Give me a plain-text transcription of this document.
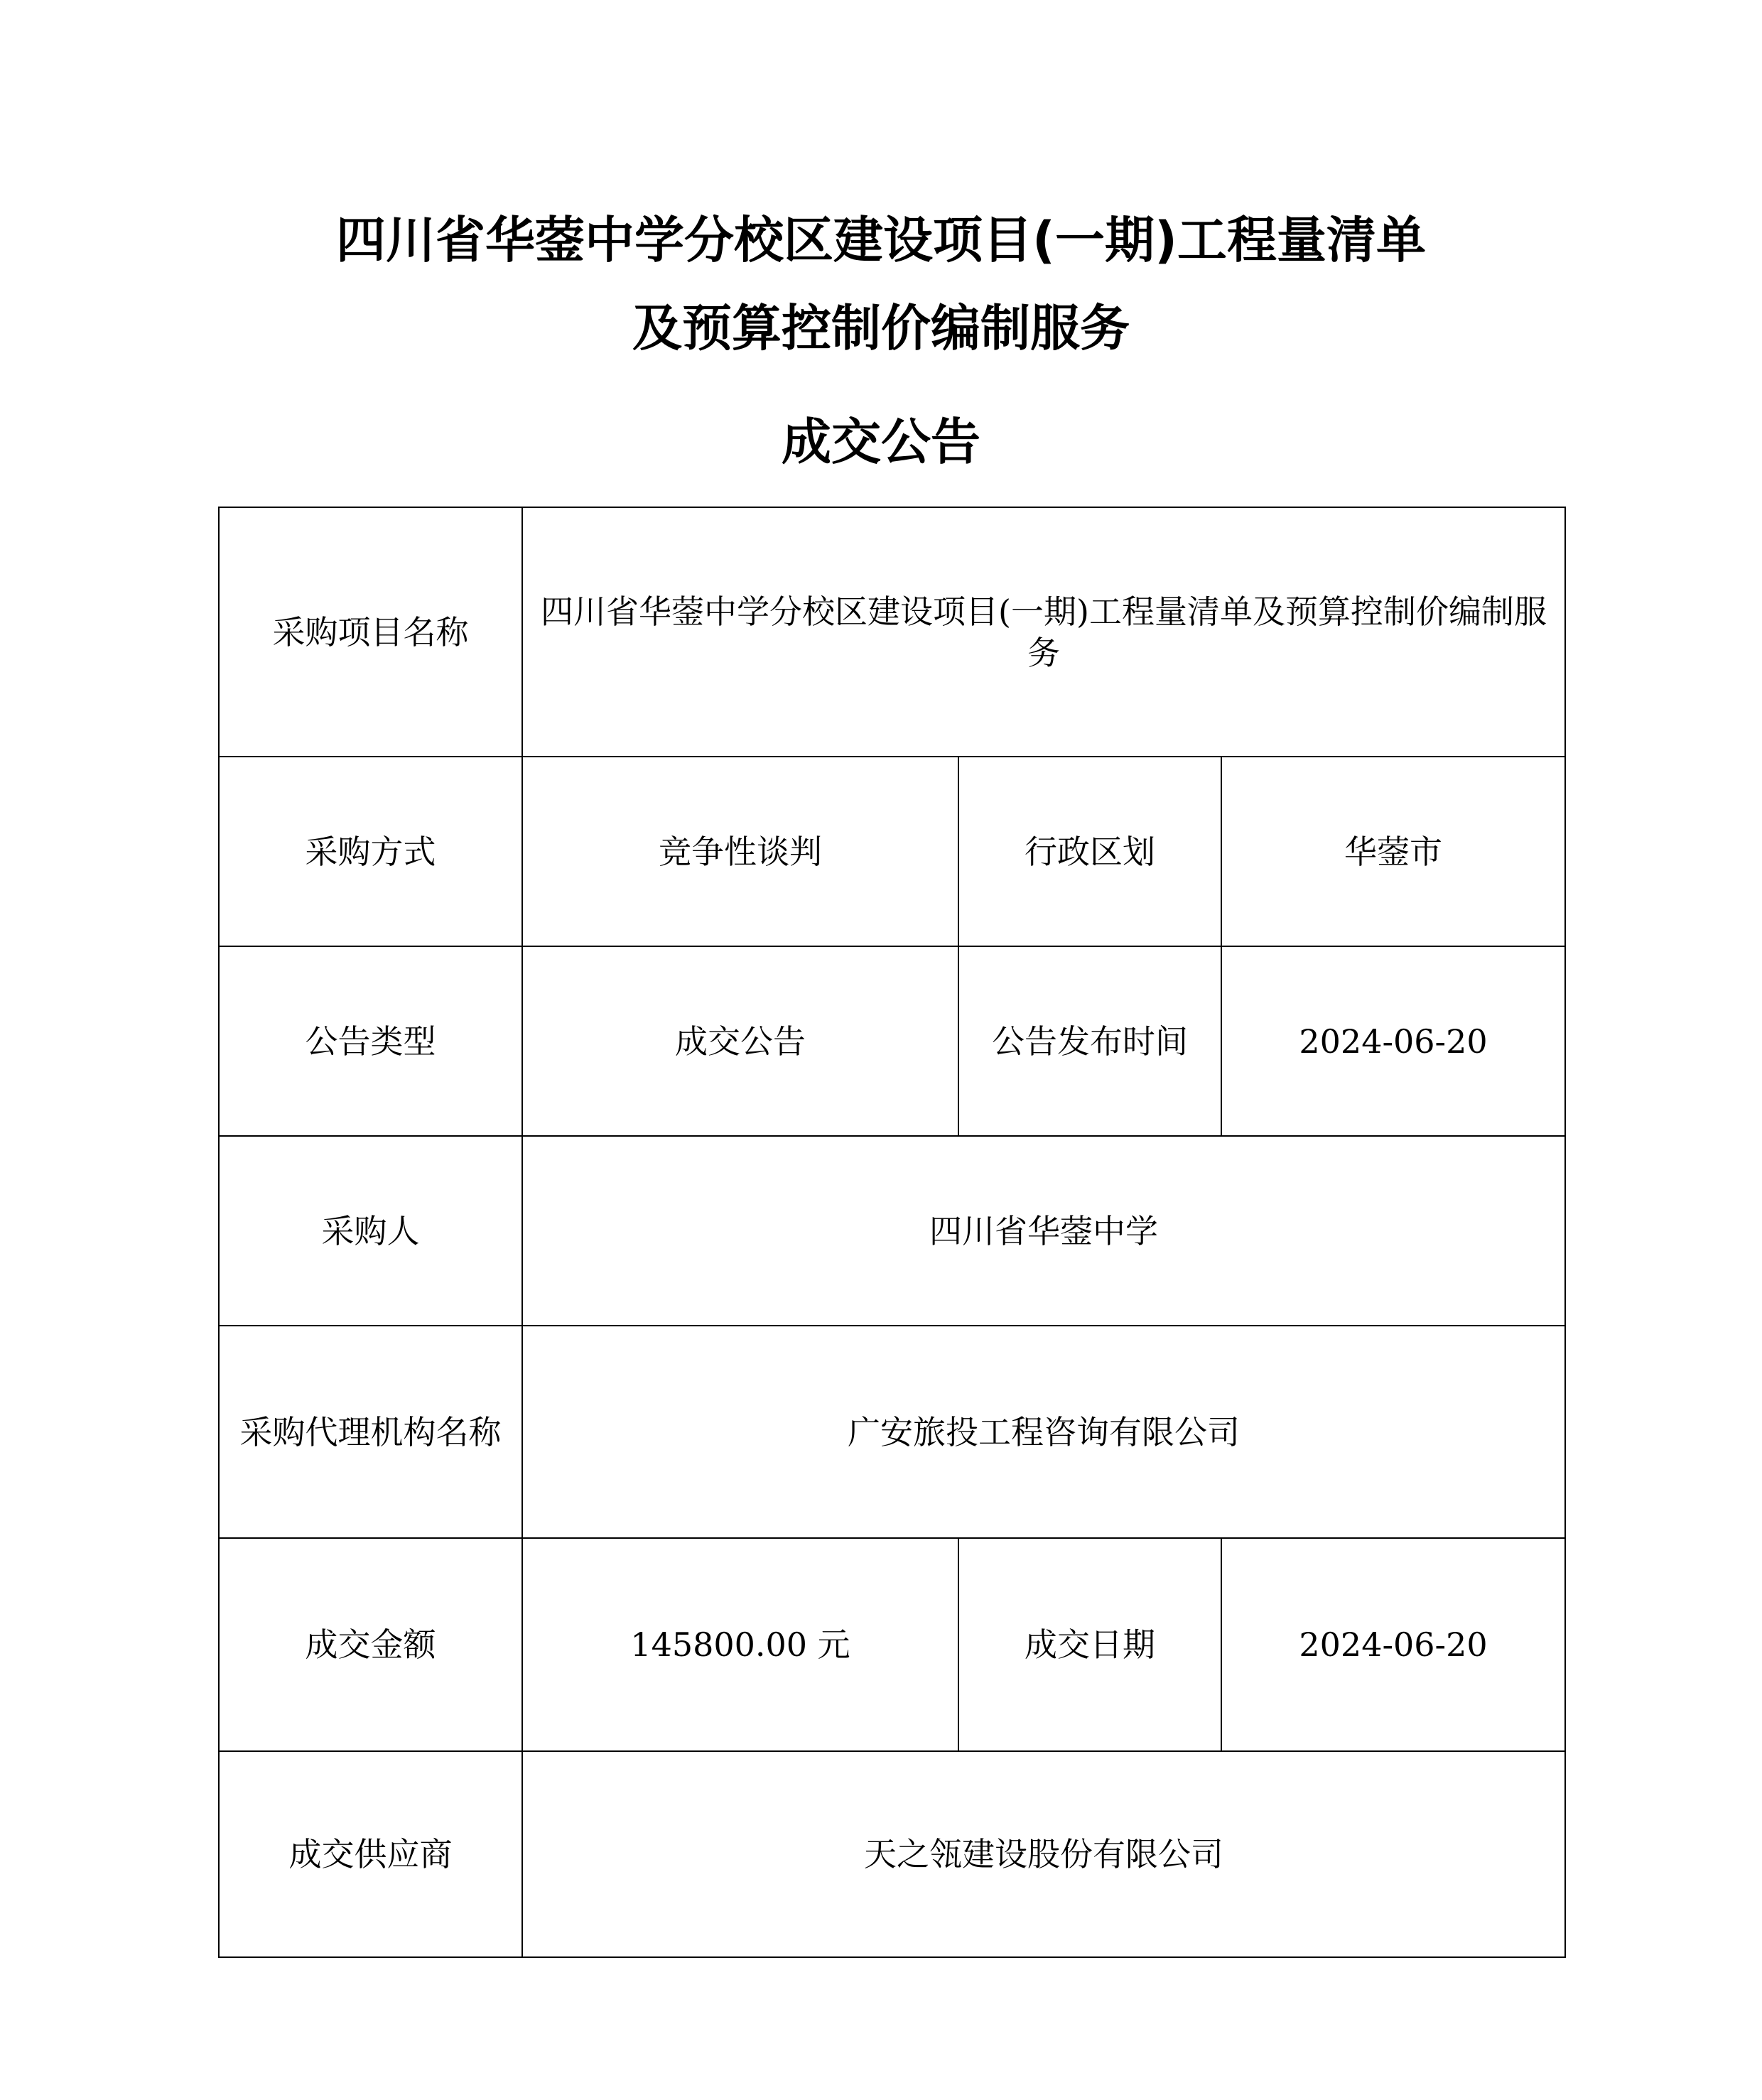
四川省华蓥中学分校区建设项目(一期)工程量清单
及预算控制价编制服务
成交公告
采购项目名称	四川省华蓥中学分校区建设项目(一期)工程量清单及预算控制价编制服务		
采购方式	竞争性谈判	行政区划	华蓥市
公告类型	成交公告	公告发布时间	2024-06-20
采购人	四川省华蓥中学		
采购代理机构名称	广安旅投工程咨询有限公司		
成交金额	145800.00 元	成交日期	2024-06-20
成交供应商	天之瓴建设股份有限公司		
